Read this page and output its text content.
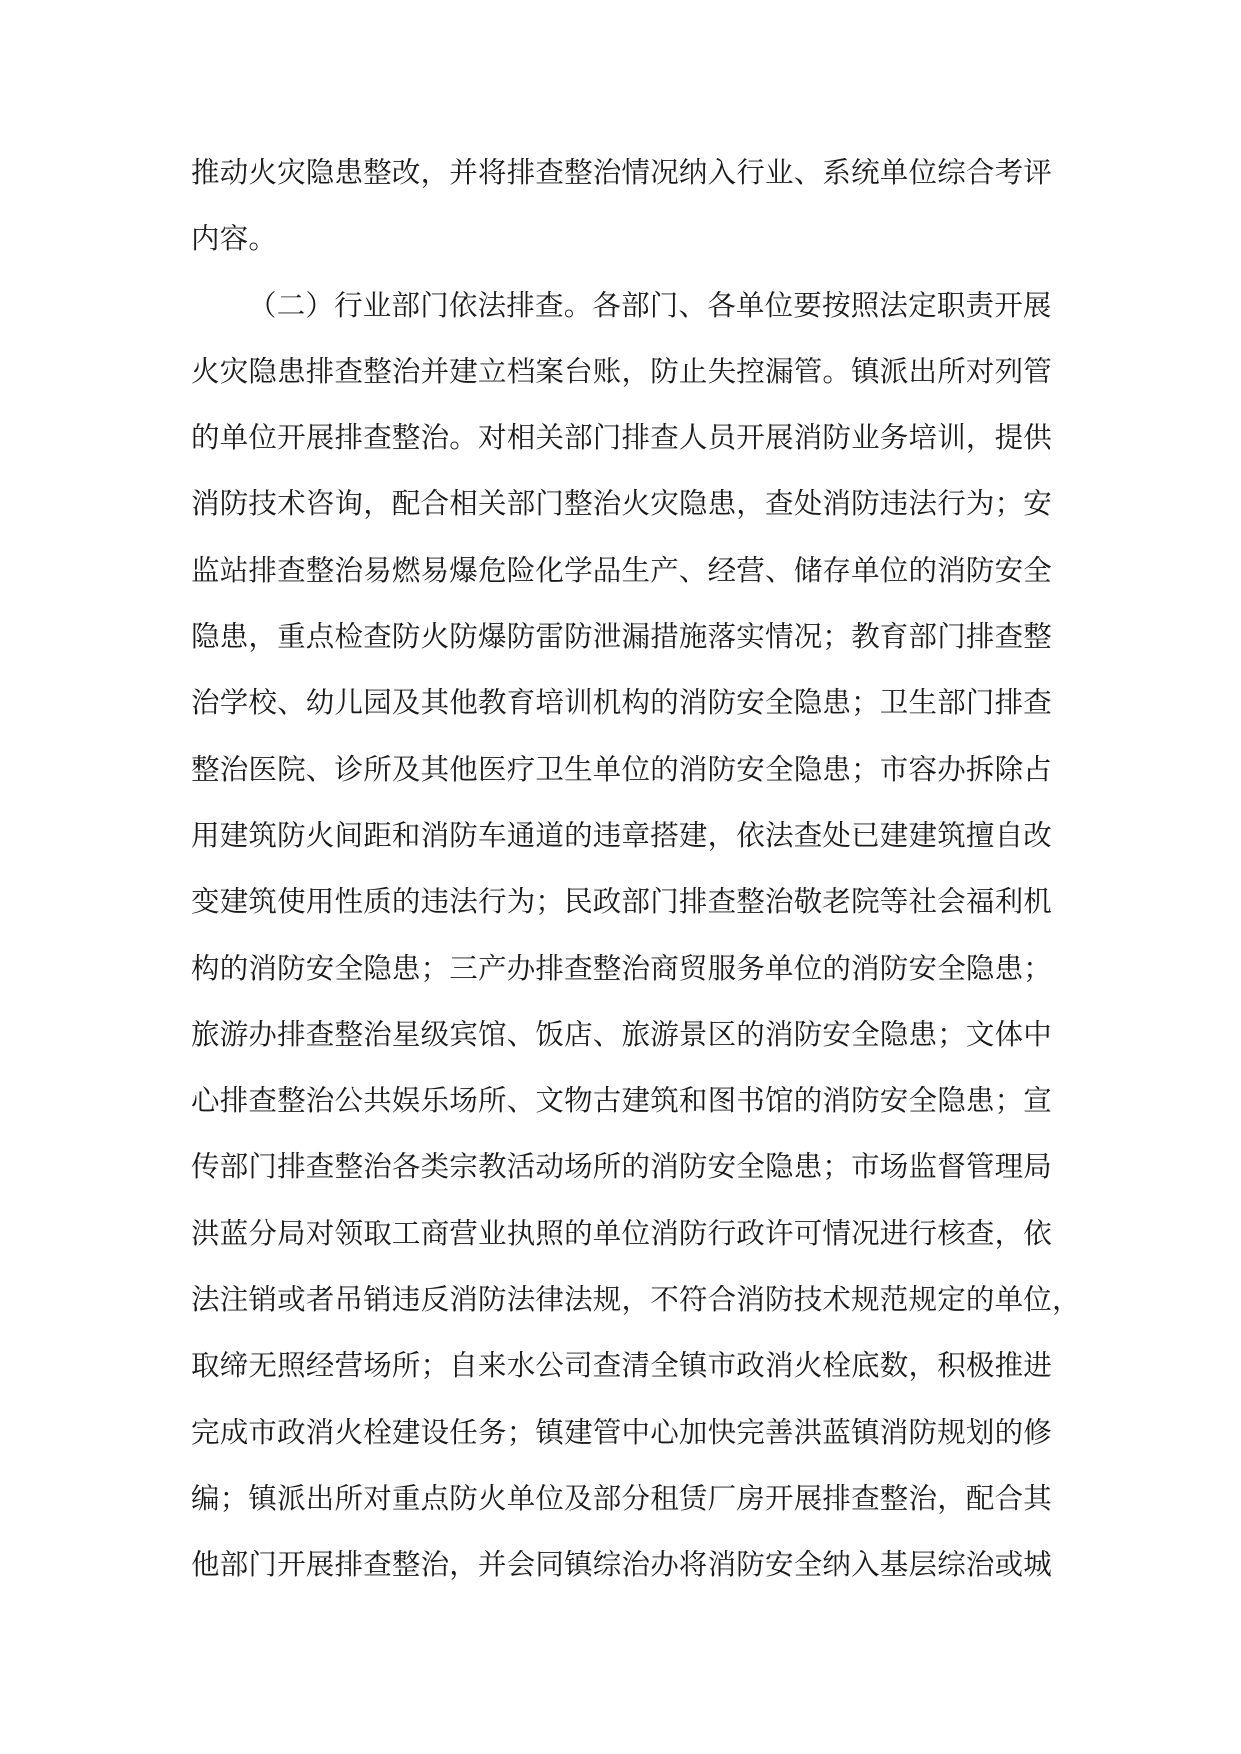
推动火灾隐患整改，并将排查整治情况纳入行业、系统单位综合考评
内容。
（二）行业部门依法排查。各部门、各单位要按照法定职责开展
火灾隐患排查整治并建立档案台账，防止失控漏管。镇派出所对列管
的单位开展排查整治。对相关部门排查人员开展消防业务培训，提供
消防技术咨询，配合相关部门整治火灾隐患，查处消防违法行为；安
监站排查整治易燃易爆危险化学品生产、经营、储存单位的消防安全
隐患，重点检查防火防爆防雷防泄漏措施落实情况；教育部门排查整
治学校、幼儿园及其他教育培训机构的消防安全隐患；卫生部门排查
整治医院、诊所及其他医疗卫生单位的消防安全隐患；市容办拆除占
用建筑防火间距和消防车通道的违章搭建，依法查处已建建筑擅自改
变建筑使用性质的违法行为；民政部门排查整治敬老院等社会福利机
构的消防安全隐患；三产办排查整治商贸服务单位的消防安全隐患；
旅游办排查整治星级宾馆、饭店、旅游景区的消防安全隐患；文体中
心排查整治公共娱乐场所、文物古建筑和图书馆的消防安全隐患；宣
传部门排查整治各类宗教活动场所的消防安全隐患；市场监督管理局
洪蓝分局对领取工商营业执照的单位消防行政许可情况进行核查，依
法注销或者吊销违反消防法律法规，不符合消防技术规范规定的单位，
取缔无照经营场所；自来水公司查清全镇市政消火栓底数，积极推进
完成市政消火栓建设任务；镇建管中心加快完善洪蓝镇消防规划的修
编；镇派出所对重点防火单位及部分租赁厂房开展排查整治，配合其
他部门开展排查整治，并会同镇综治办将消防安全纳入基层综治或城
